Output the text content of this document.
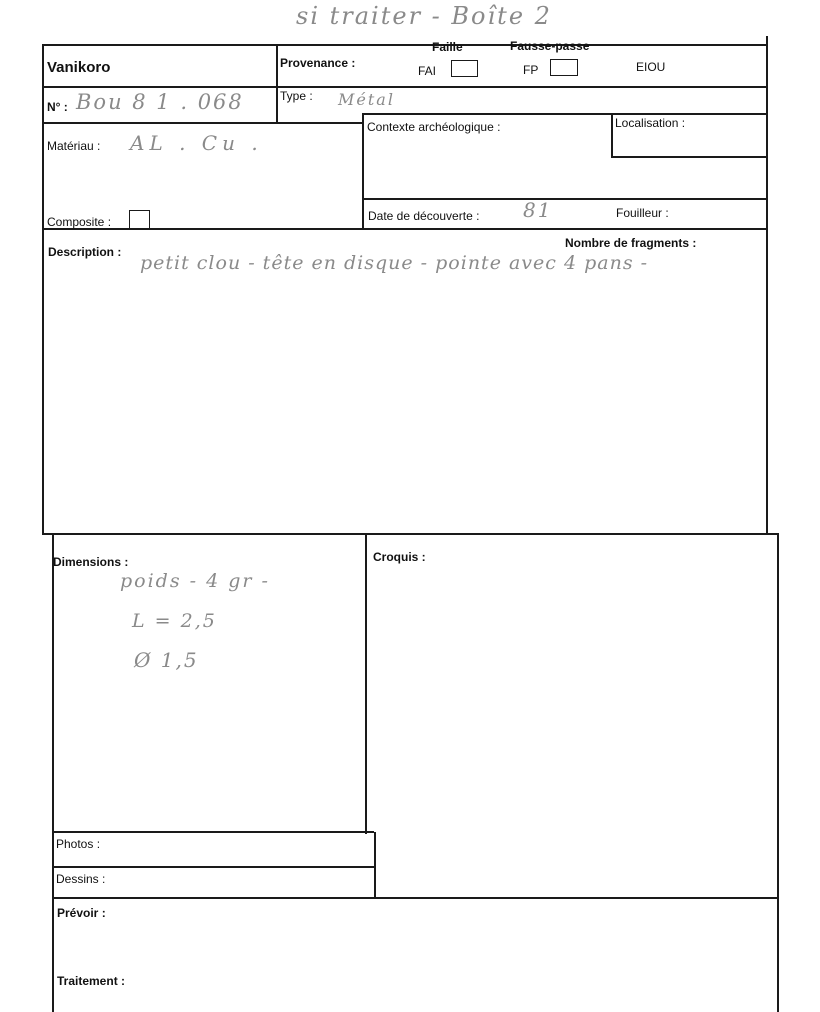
si traiter - Boîte 2
Vanikoro	Provenance :
Faille	Fausse-passe
FAI	FP	EIOU
N° : Bou 8 1 . 068	Type : Métal
Matériau : AL . Cu .
Contexte archéologique :	Localisation :
Composite :	Date de découverte : 81	Fouilleur :
Description :
Nombre de fragments :
petit clou - tête en disque - pointe avec 4 pans -
Dimensions :
poids - 4 gr -
L = 2,5
Ø 1,5
Croquis :
Photos :
Dessins :
Prévoir :
Traitement :
